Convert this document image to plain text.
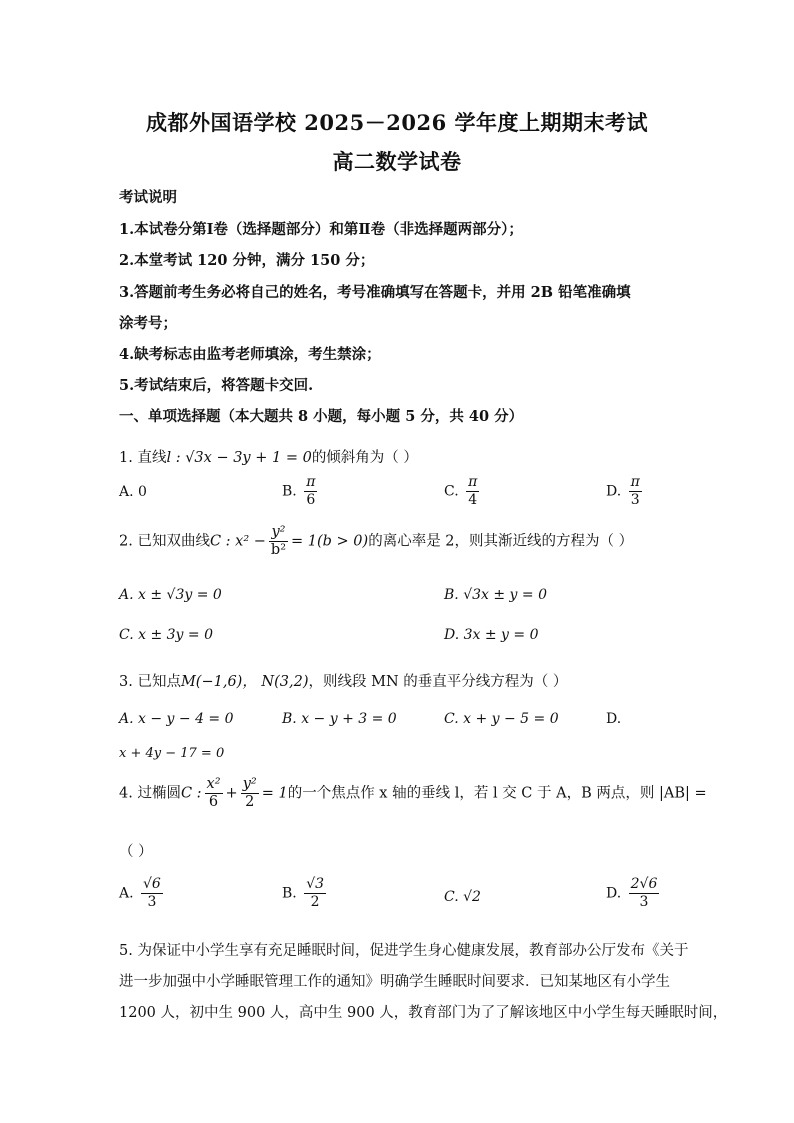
成都外国语学校 2025－2026 学年度上期期末考试
高二数学试卷
考试说明
1.本试卷分第Ⅰ卷（选择题部分）和第Ⅱ卷（非选择题两部分）；
2.本堂考试 120 分钟，满分 150 分；
3.答题前考生务必将自己的姓名，考号准确填写在答题卡，并用 2B 铅笔准确填
涂考号；
4.缺考标志由监考老师填涂，考生禁涂；
5.考试结束后，将答题卡交回.
一、单项选择题（本大题共 8 小题，每小题 5 分，共 40 分）
1. 直线l : √3x − 3y + 1 = 0的倾斜角为（ ）
A. 0	B. $\frac{\pi}{6}$	C. $\frac{\pi}{4}$	D. $\frac{\pi}{3}$
2. 已知双曲线C : $x^2 - \frac{\text{y²}}{\text{b²}} = 1(b > 0)$的离心率是 2，则其渐近线的方程为（ ）
A. x ± √3y = 0	B. √3x ± y = 0
C. x ± 3y = 0	D. 3x ± y = 0
3. 已知点M(−1,6)， N(3,2)，则线段 MN 的垂直平分线方程为（ ）
A. x − y − 4 = 0	B. x − y + 3 = 0	C. x + y − 5 = 0	D.
x + 4y − 17 = 0
4. 过椭圆C : $\frac{\text{x²}}{6} + \frac{\text{y²}}{2} = 1$的一个焦点作 x 轴的垂线 l，若 l 交 C 于 A，B 两点，则 |AB| =
（ ）
A. $\frac{√6}{3}$	B. $\frac{√3}{2}$	C. √2	D. $\frac{2√6}{3}$
5. 为保证中小学生享有充足睡眠时间，促进学生身心健康发展，教育部办公厅发布《关于
进一步加强中小学睡眠管理工作的通知》明确学生睡眠时间要求．已知某地区有小学生
1200 人，初中生 900 人，高中生 900 人，教育部门为了了解该地区中小学生每天睡眠时间，
